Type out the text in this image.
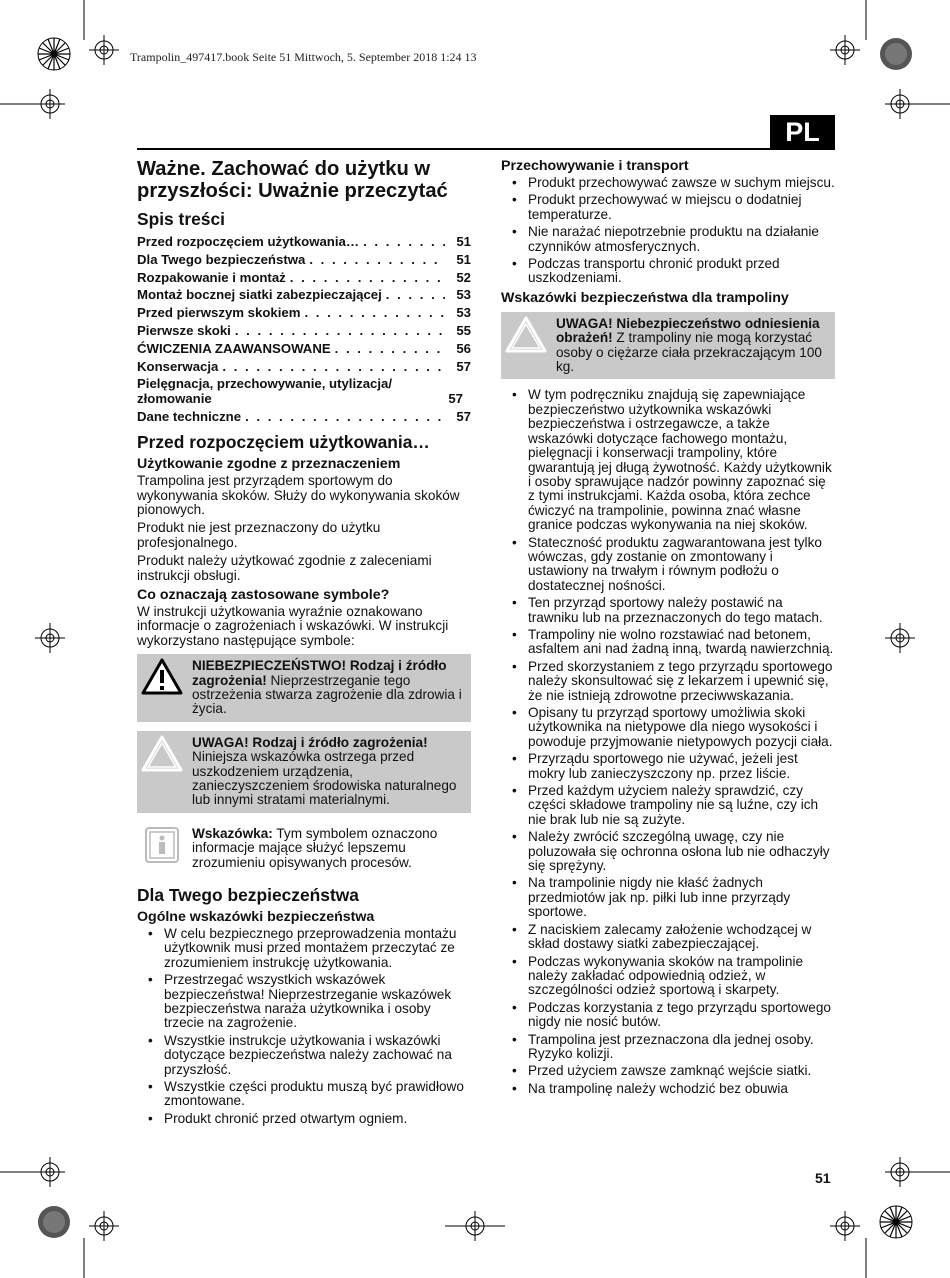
Trampolin_497417.book Seite 51 Mittwoch, 5. September 2018 1:24 13
PL
Ważne. Zachować do użytku w przyszłości: Uważnie przeczytać
Spis treści
Przed rozpoczęciem użytkowania… . . .	51
Dla Twego bezpieczeństwa . . .	51
Rozpakowanie i montaż . . .	52
Montaż bocznej siatki zabezpieczającej . . .	53
Przed pierwszym skokiem . . .	53
Pierwsze skoki . . .	55
ĆWICZENIA ZAAWANSOWANE . . .	56
Konserwacja . . .	57
Pielęgnacja, przechowywanie, utylizacja/ złomowanie	57
Dane techniczne . . .	57
Przed rozpoczęciem użytkowania…
Użytkowanie zgodne z przeznaczeniem

Trampolina jest przyrządem sportowym do wykonywania skoków. Służy do wykonywania skoków pionowych.

Produkt nie jest przeznaczony do użytku profesjonalnego.

Produkt należy użytkować zgodnie z zaleceniami instrukcji obsługi.

Co oznaczają zastosowane symbole?

W instrukcji użytkowania wyraźnie oznakowano informacje o zagrożeniach i wskazówki. W instrukcji wykorzystano następujące symbole:

NIEBEZPIECZEŃSTWO! Rodzaj i źródło zagrożenia! Nieprzestrzeganie tego ostrzeżenia stwarza zagrożenie dla zdrowia i życia.
UWAGA! Rodzaj i źródło zagrożenia! Niniejsza wskazówka ostrzega przed uszkodzeniem urządzenia, zanieczyszczeniem środowiska naturalnego lub innymi stratami materialnymi.
Wskazówka: Tym symbolem oznaczono informacje mające służyć lepszemu zrozumieniu opisywanych procesów.
Dla Twego bezpieczeństwa
Ogólne wskazówki bezpieczeństwa
• W celu bezpiecznego przeprowadzenia montażu użytkownik musi przed montażem przeczytać ze zrozumieniem instrukcję użytkowania.
• Przestrzegać wszystkich wskazówek bezpieczeństwa! Nieprzestrzeganie wskazówek bezpieczeństwa naraża użytkownika i osoby trzecie na zagrożenie.
• Wszystkie instrukcje użytkowania i wskazówki dotyczące bezpieczeństwa należy zachować na przyszłość.
• Wszystkie części produktu muszą być prawidłowo zmontowane.
• Produkt chronić przed otwartym ogniem.
Przechowywanie i transport
• Produkt przechowywać zawsze w suchym miejscu.
• Produkt przechowywać w miejscu o dodatniej temperaturze.
• Nie narażać niepotrzebnie produktu na działanie czynników atmosferycznych.
• Podczas transportu chronić produkt przed uszkodzeniami.
Wskazówki bezpieczeństwa dla trampoliny
UWAGA! Niebezpieczeństwo odniesienia obrażeń! Z trampoliny nie mogą korzystać osoby o ciężarze ciała przekraczającym 100 kg.
• W tym podręczniku znajdują się zapewniające bezpieczeństwo użytkownika wskazówki bezpieczeństwa i ostrzegawcze, a także wskazówki dotyczące fachowego montażu, pielęgnacji i konserwacji trampoliny, które gwarantują jej długą żywotność. Każdy użytkownik i osoby sprawujące nadzór powinny zapoznać się z tymi instrukcjami. Każda osoba, która zechce ćwiczyć na trampolinie, powinna znać własne granice podczas wykonywania na niej skoków.
• Stateczność produktu zagwarantowana jest tylko wówczas, gdy zostanie on zmontowany i ustawiony na trwałym i równym podłożu o dostatecznej nośności.
• Ten przyrząd sportowy należy postawić na trawniku lub na przeznaczonych do tego matach.
• Trampoliny nie wolno rozstawiać nad betonem, asfaltem ani nad żadną inną, twardą nawierzchnią.
• Przed skorzystaniem z tego przyrządu sportowego należy skonsultować się z lekarzem i upewnić się, że nie istnieją zdrowotne przeciwwskazania.
• Opisany tu przyrząd sportowy umożliwia skoki użytkownika na nietypowe dla niego wysokości i powoduje przyjmowanie nietypowych pozycji ciała.
• Przyrządu sportowego nie używać, jeżeli jest mokry lub zanieczyszczony np. przez liście.
• Przed każdym użyciem należy sprawdzić, czy części składowe trampoliny nie są luźne, czy ich nie brak lub nie są zużyte.
• Należy zwrócić szczególną uwagę, czy nie poluzowała się ochronna osłona lub nie odhaczyły się sprężyny.
• Na trampolinie nigdy nie kłaść żadnych przedmiotów jak np. piłki lub inne przyrządy sportowe.
• Z naciskiem zalecamy założenie wchodzącej w skład dostawy siatki zabezpieczającej.
• Podczas wykonywania skoków na trampolinie należy zakładać odpowiednią odzież, w szczególności odzież sportową i skarpety.
• Podczas korzystania z tego przyrządu sportowego nigdy nie nosić butów.
• Trampolina jest przeznaczona dla jednej osoby. Ryzyko kolizji.
• Przed użyciem zawsze zamknąć wejście siatki.
• Na trampolinę należy wchodzić bez obuwia
51
